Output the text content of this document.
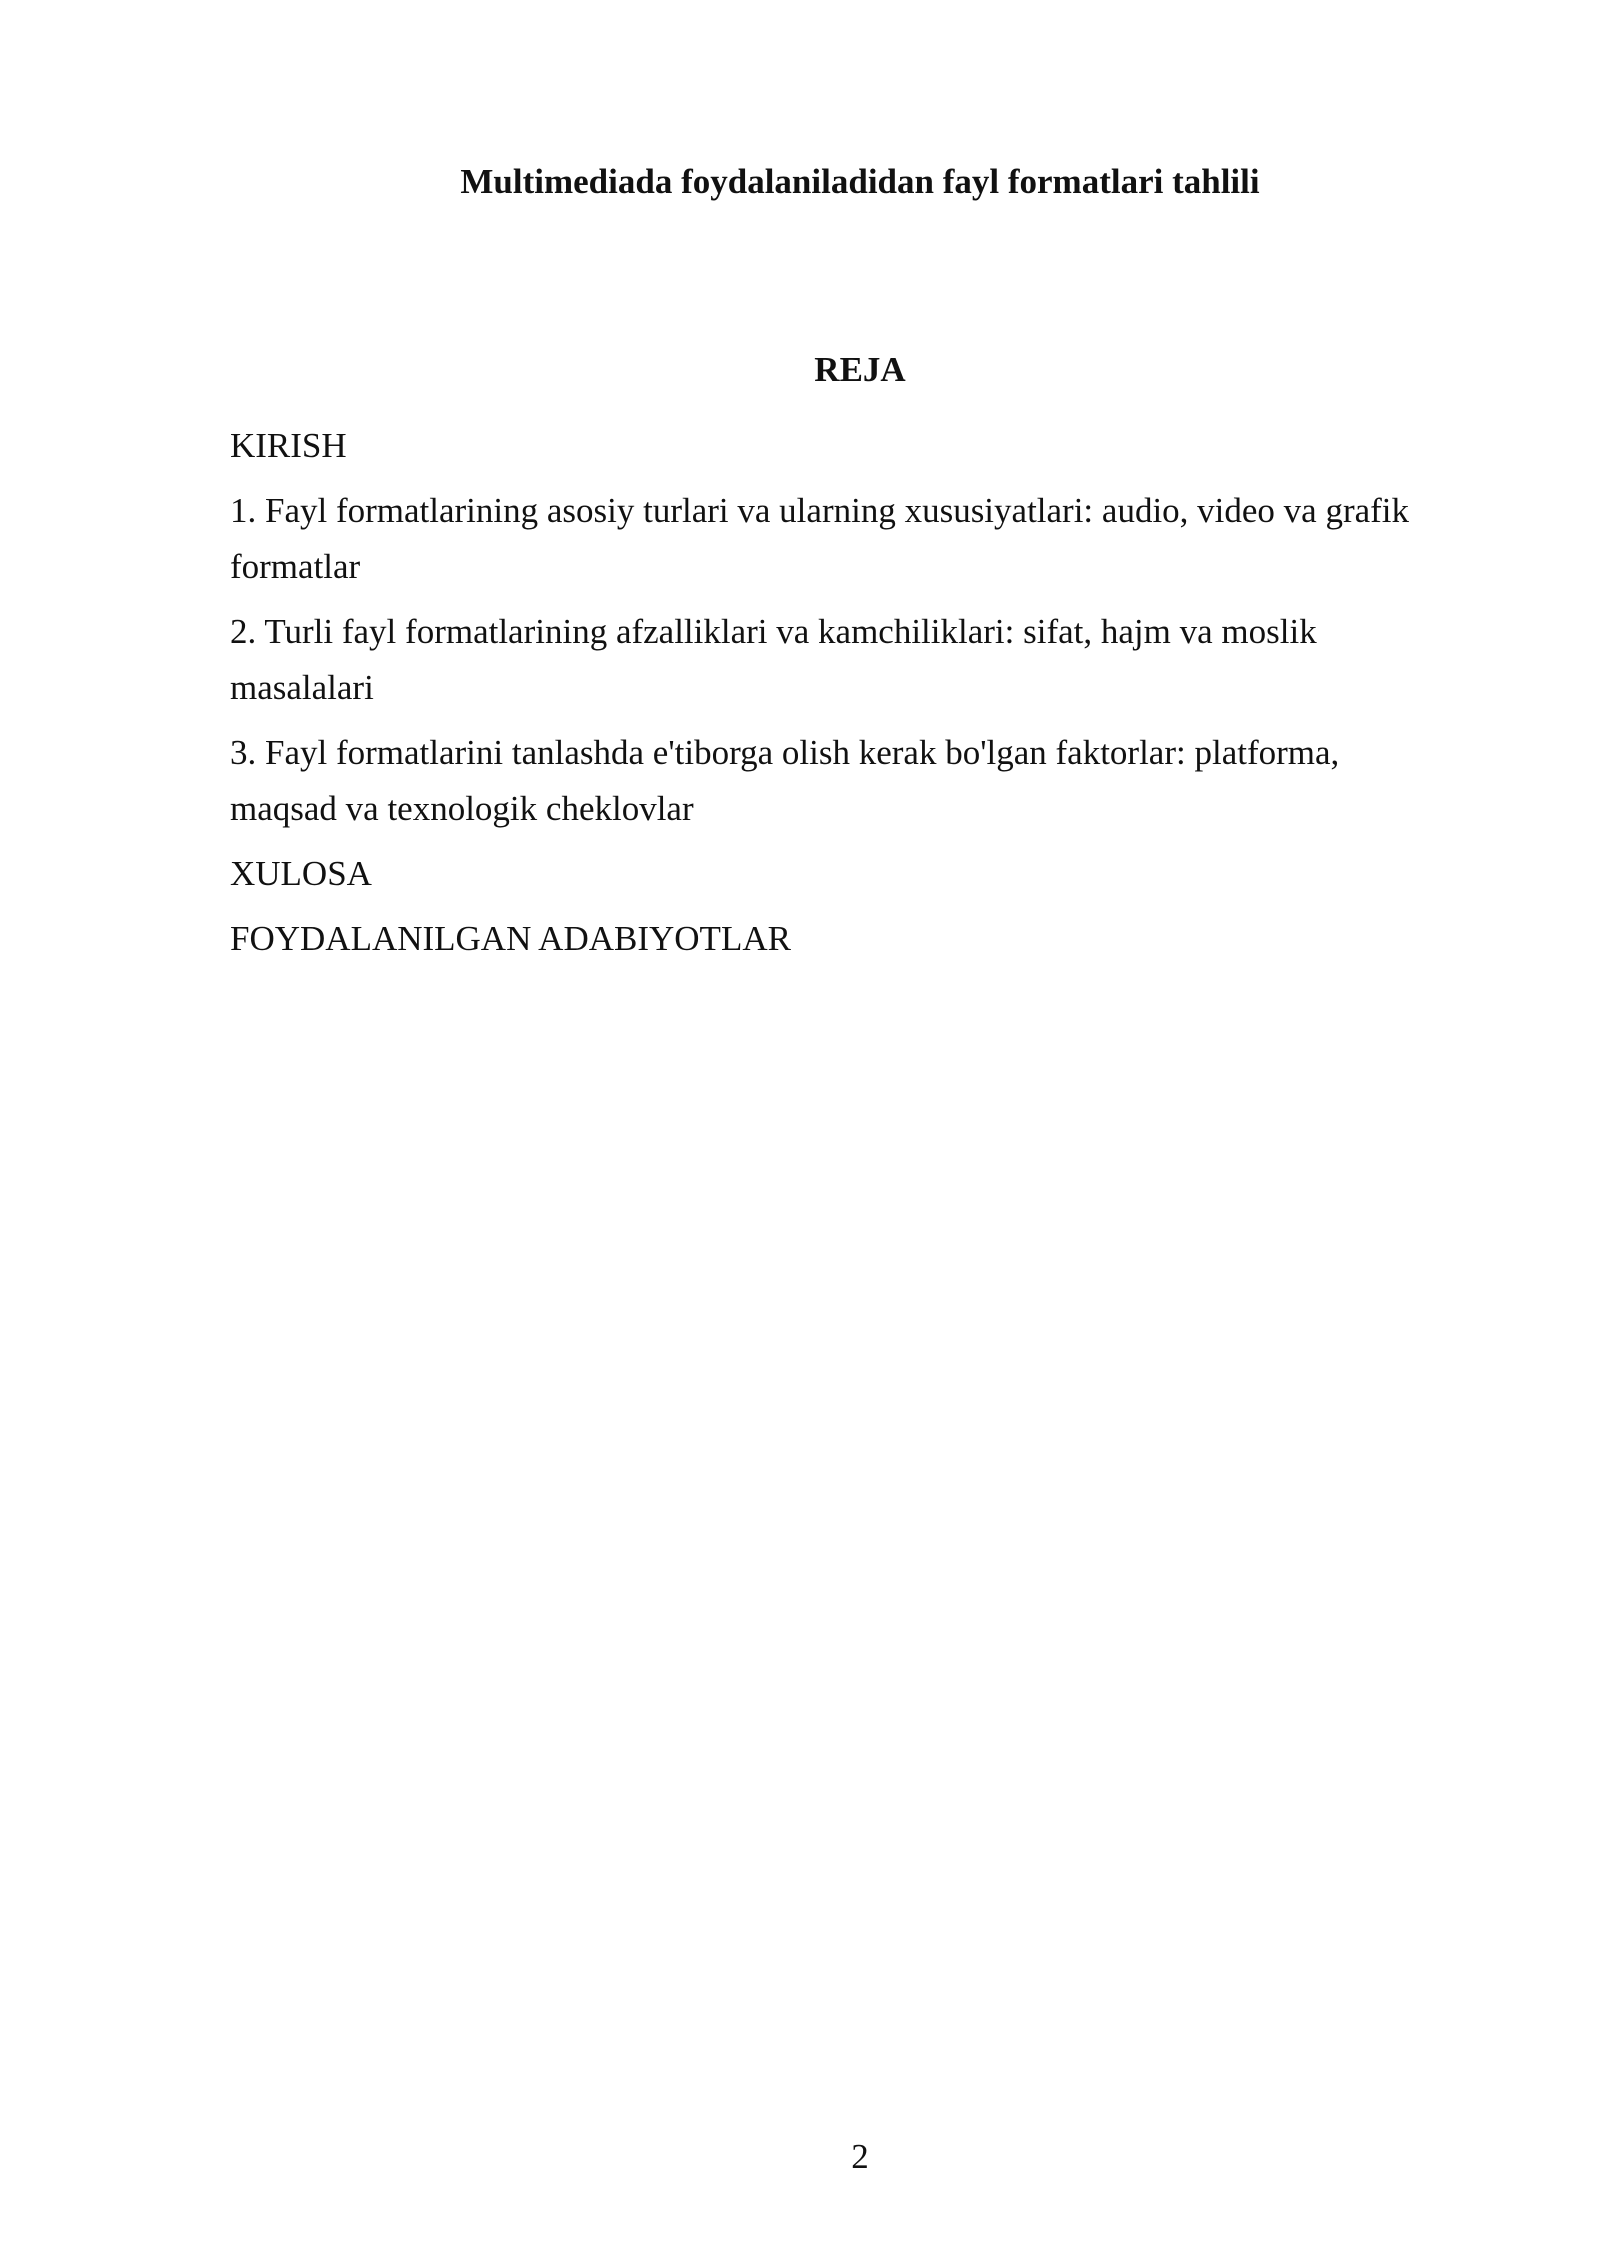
Multimediada foydalaniladidan fayl formatlari tahlili
REJA
KIRISH
1. Fayl formatlarining asosiy turlari va ularning xususiyatlari: audio, video va grafik formatlar
2. Turli fayl formatlarining afzalliklari va kamchiliklari: sifat, hajm va moslik masalalari
3. Fayl formatlarini tanlashda e'tiborga olish kerak bo'lgan faktorlar: platforma, maqsad va texnologik cheklovlar
XULOSA
FOYDALANILGAN ADABIYOTLAR
2
